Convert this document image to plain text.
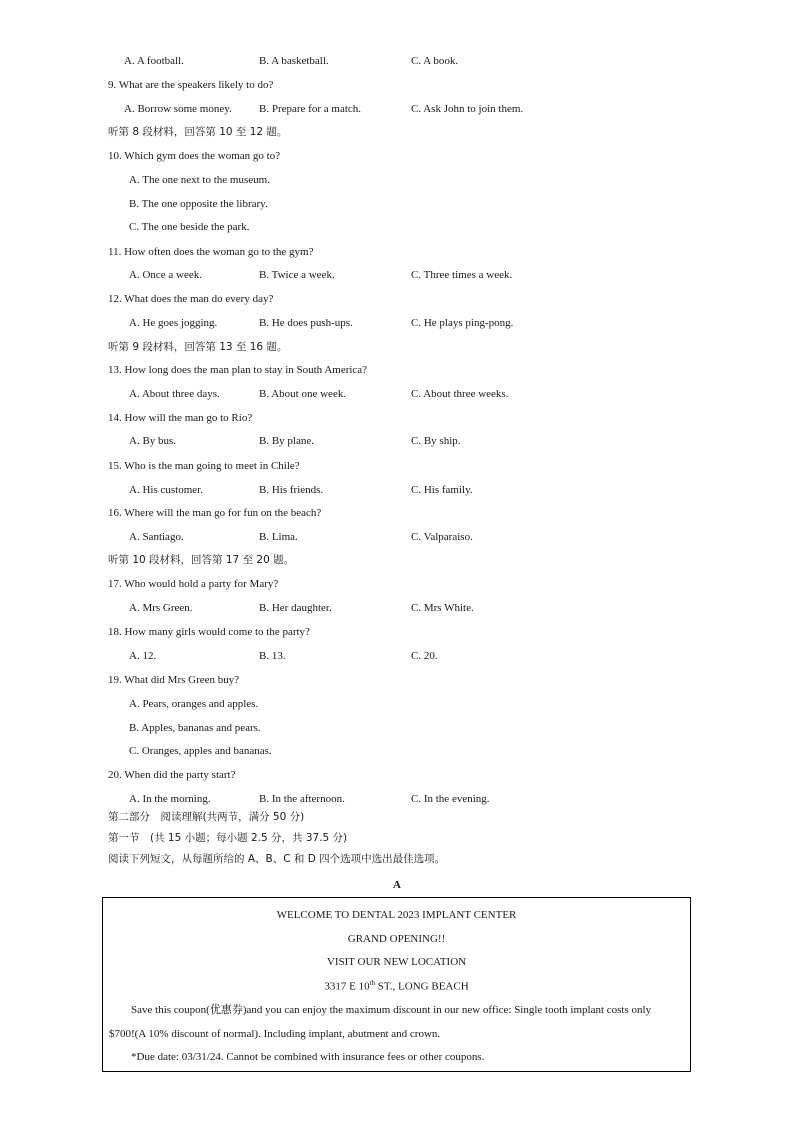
A. A football.	B. A basketball.	C. A book.
9. What are the speakers likely to do?
A. Borrow some money. B. Prepare for a match.	C. Ask John to join them.
听第 8 段材料，回答第 10 至 12 题。
10. Which gym does the woman go to?
A. The one next to the museum.
B. The one opposite the library.
C. The one beside the park.
11. How often does the woman go to the gym?
A. Once a week.	B. Twice a week.	C. Three times a week.
12. What does the man do every day?
A. He goes jogging.	B. He does push-ups.	C. He plays ping-pong.
听第 9 段材料，回答第 13 至 16 题。
13. How long does the man plan to stay in South America?
A. About three days.	B. About one week.	C. About three weeks.
14. How will the man go to Rio?
A. By bus.	B. By plane.	C. By ship.
15. Who is the man going to meet in Chile?
A. His customer.	B. His friends.	C. His family.
16. Where will the man go for fun on the beach?
A. Santiago.	B. Lima.	C. Valparaiso.
听第 10 段材料，回答第 17 至 20 题。
17. Who would hold a party for Mary?
A. Mrs Green.	B. Her daughter.	C. Mrs White.
18. How many girls would come to the party?
A. 12.	B. 13.	C. 20.
19. What did Mrs Green buy?
A. Pears, oranges and apples.
B. Apples, bananas and pears.
C. Oranges, apples and bananas.
20. When did the party start?
A. In the morning.	B. In the afternoon.	C. In the evening.
第二部分　阅读理解(共两节，满分 50 分)
第一节　(共 15 小题；每小题 2.5 分，共 37.5 分)
阅读下列短文，从每题所给的 A、B、C 和 D 四个选项中选出最佳选项。
A
WELCOME TO DENTAL 2023 IMPLANT CENTER
GRAND OPENING!!
VISIT OUR NEW LOCATION
3317 E 10th ST., LONG BEACH
Save this coupon(优惠券)and you can enjoy the maximum discount in our new office: Single tooth implant costs only
$700!(A 10% discount of normal). Including implant, abutment and crown.
*Due date: 03/31/24. Cannot be combined with insurance fees or other coupons.
